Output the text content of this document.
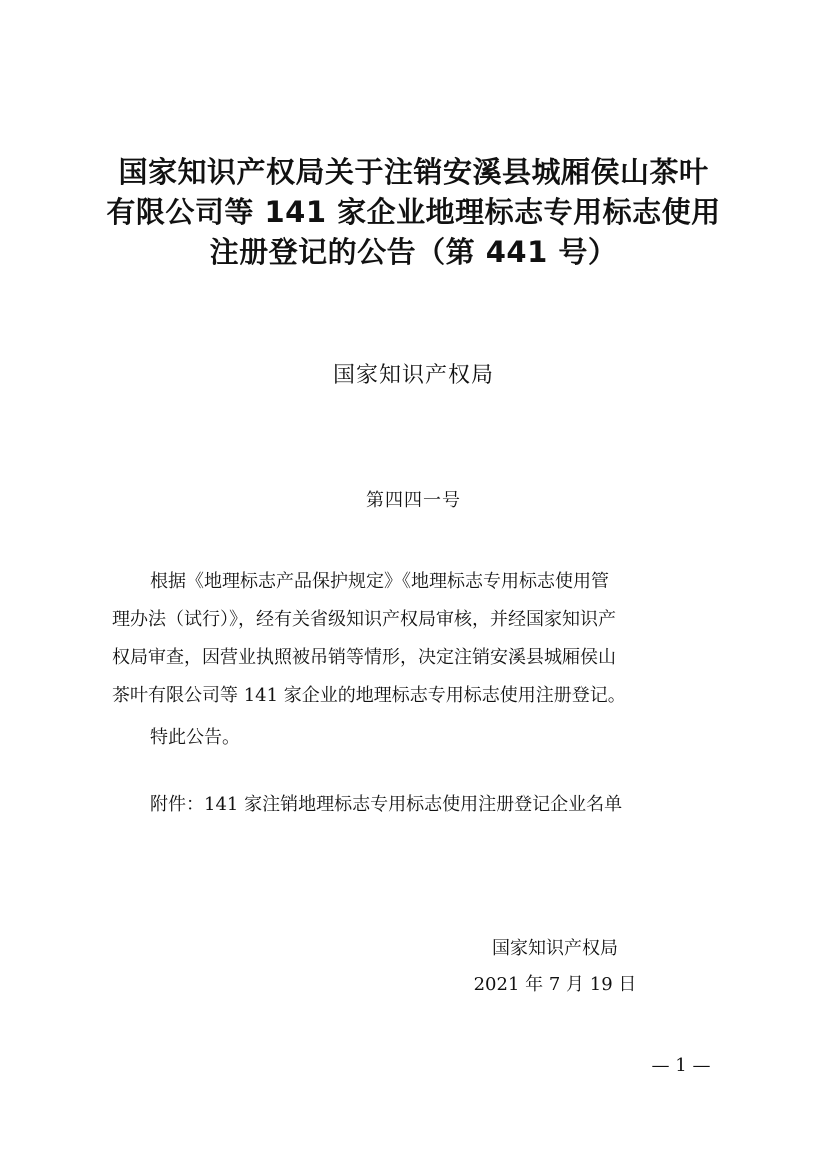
国家知识产权局关于注销安溪县城厢侯山茶叶
有限公司等 141 家企业地理标志专用标志使用
注册登记的公告（第 441 号）
国家知识产权局
第四四一号
根据《地理标志产品保护规定》《地理标志专用标志使用管
理办法（试行）》，经有关省级知识产权局审核，并经国家知识产
权局审查，因营业执照被吊销等情形，决定注销安溪县城厢侯山
茶叶有限公司等 141 家企业的地理标志专用标志使用注册登记。
特此公告。
附件：141 家注销地理标志专用标志使用注册登记企业名单
国家知识产权局
2021 年 7 月 19 日
— 1 —
